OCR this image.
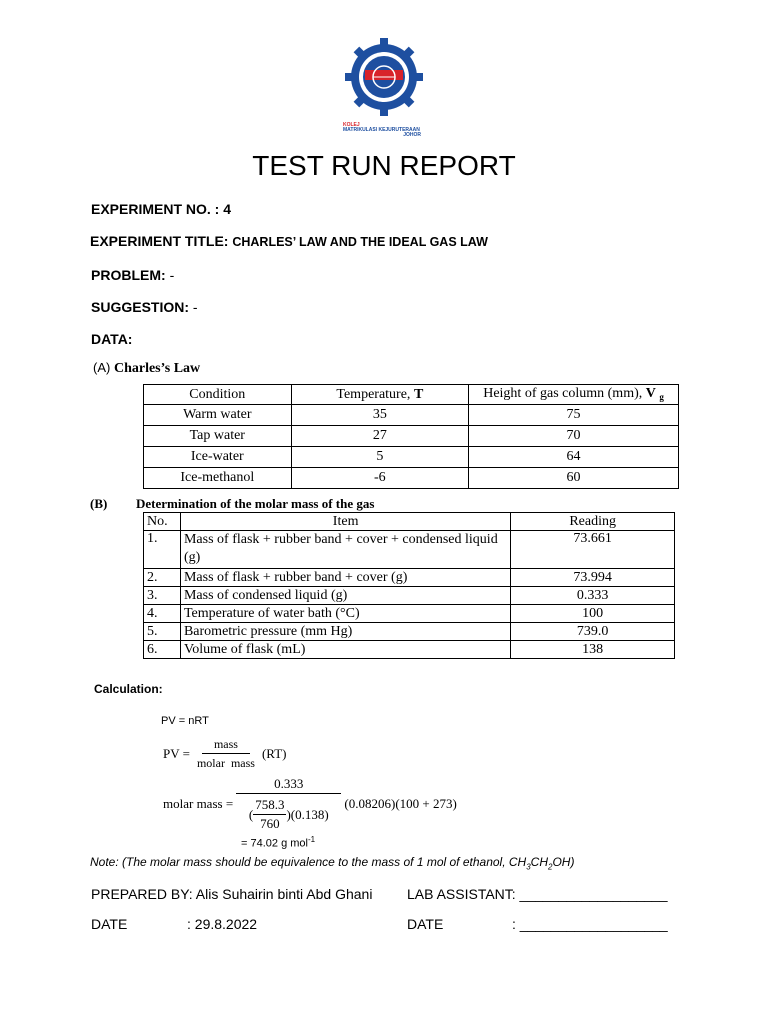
KOLEJ
MATRIKULASI KEJURUTERAAN
JOHOR
TEST RUN REPORT
EXPERIMENT NO. : 4
EXPERIMENT TITLE: CHARLES’ LAW AND THE IDEAL GAS LAW
PROBLEM: -
SUGGESTION: -
DATA:
(A) Charles’s Law
Condition	Temperature, T	Height of gas column (mm), V $_g$
Warm water	35	75
Tap water	27	70
Ice-water	5	64
Ice-methanol	-6	60
(B) Determination of the molar mass of the gas
No.	Item	Reading
1.	Mass of flask + rubber band + cover + condensed liquid (g)	73.661
2.	Mass of flask + rubber band + cover (g)	73.994
3.	Mass of condensed liquid (g)	0.333
4.	Temperature of water bath (°C)	100
5.	Barometric pressure (mm Hg)	739.0
6.	Volume of flask (mL)	138
Calculation:
PV = nRT
PV = $\frac{\text{mass}}{\text{molar  mass}} (RT)$
molar mass = $\frac{0.333}{( \frac{758.3}{760} )(0.138)} (0.08206)(100 + 273)$
= 74.02 g mol$^{-1}$
Note: (The molar mass should be equivalence to the mass of 1 mol of ethanol, $CH_3CH_2OH$)
PREPARED BY: Alis Suhairin binti Abd Ghani LAB ASSISTANT: ___________________
DATE	: 29.8.2022	DATE	: ___________________
